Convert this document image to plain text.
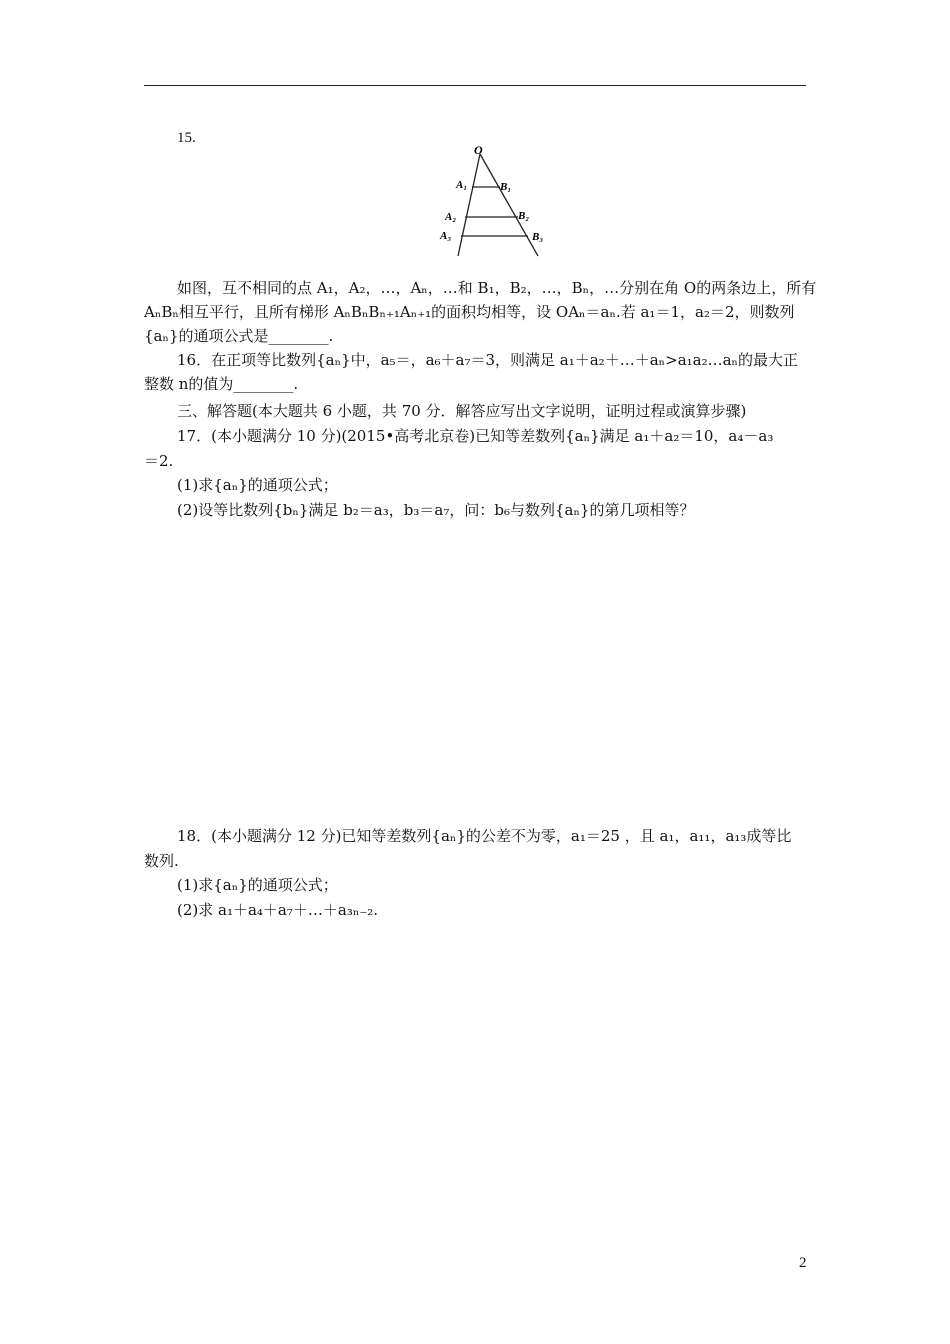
15.
O
A₁	B₁
A₂	B₂
A₃	B₃
如图，互不相同的点 A₁，A₂，…，Aₙ，…和 B₁，B₂，…，Bₙ，…分别在角 O的两条边上，所有
AₙBₙ相互平行，且所有梯形 AₙBₙBₙ₊₁Aₙ₊₁的面积均相等，设 OAₙ＝aₙ.若 a₁＝1，a₂＝2，则数列
{aₙ}的通项公式是________.
16．在正项等比数列{aₙ}中，a₅＝，a₆＋a₇＝3，则满足 a₁＋a₂＋…＋aₙ>a₁a₂…aₙ的最大正
整数 n的值为________.
三、解答题(本大题共 6 小题，共 70 分．解答应写出文字说明，证明过程或演算步骤)
17．(本小题满分 10 分)(2015•高考北京卷)已知等差数列{aₙ}满足 a₁＋a₂＝10，a₄－a₃
＝2.
(1)求{aₙ}的通项公式；
(2)设等比数列{bₙ}满足 b₂＝a₃，b₃＝a₇，问：b₆与数列{aₙ}的第几项相等？
18．(本小题满分 12 分)已知等差数列{aₙ}的公差不为零，a₁＝25 ，且 a₁，a₁₁，a₁₃成等比
数列.
(1)求{aₙ}的通项公式；
(2)求 a₁＋a₄＋a₇＋…＋a₃ₙ₋₂.
2
